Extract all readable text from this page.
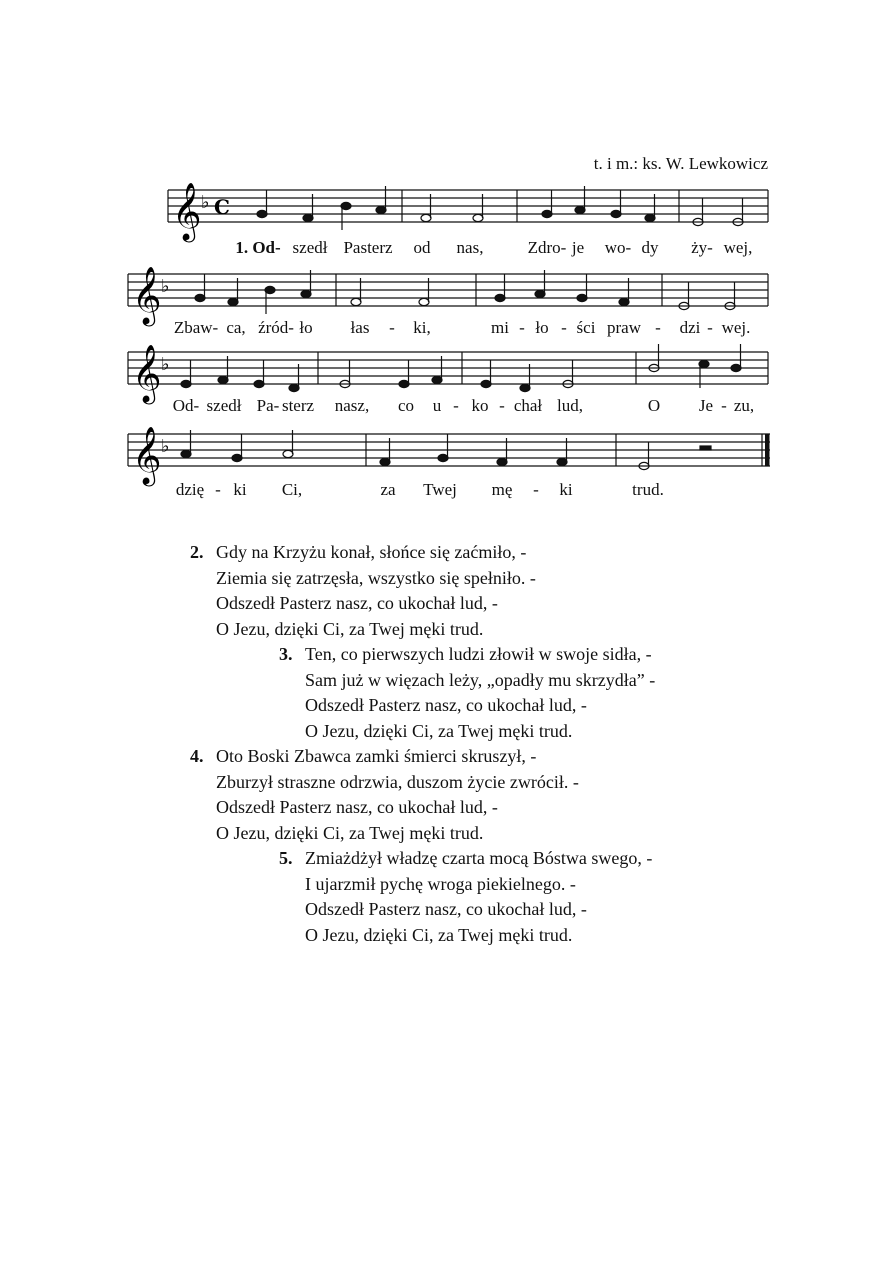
t. i m.: ks. W. Lewkowicz
𝄞 ♭ C
1. Od- szedł Pasterz od nas,	Zdro- je wo- dy ży- wej,
𝄞 ♭
Zbaw- ca, źród- ło łas - ki,	mi - ło - ści praw - dzi - wej.
𝄞 ♭
Od- szedł Pa- sterz nasz, co u - ko - chał lud,	O Je - zu,
𝄞 ♭
dzię - ki Ci,	za Twej mę - ki	trud.
2. Gdy na Krzyżu konał, słońce się zaćmiło, -
Ziemia się zatrzęsła, wszystko się spełniło. -
Odszedł Pasterz nasz, co ukochał lud, -
O Jezu, dzięki Ci, za Twej męki trud.
3. Ten, co pierwszych ludzi złowił w swoje sidła, -
Sam już w więzach leży, „opadły mu skrzydła” -
Odszedł Pasterz nasz, co ukochał lud, -
O Jezu, dzięki Ci, za Twej męki trud.
4. Oto Boski Zbawca zamki śmierci skruszył, -
Zburzył straszne odrzwia, duszom życie zwrócił. -
Odszedł Pasterz nasz, co ukochał lud, -
O Jezu, dzięki Ci, za Twej męki trud.
5. Zmiażdżył władzę czarta mocą Bóstwa swego, -
I ujarzmił pychę wroga piekielnego. -
Odszedł Pasterz nasz, co ukochał lud, -
O Jezu, dzięki Ci, za Twej męki trud.
